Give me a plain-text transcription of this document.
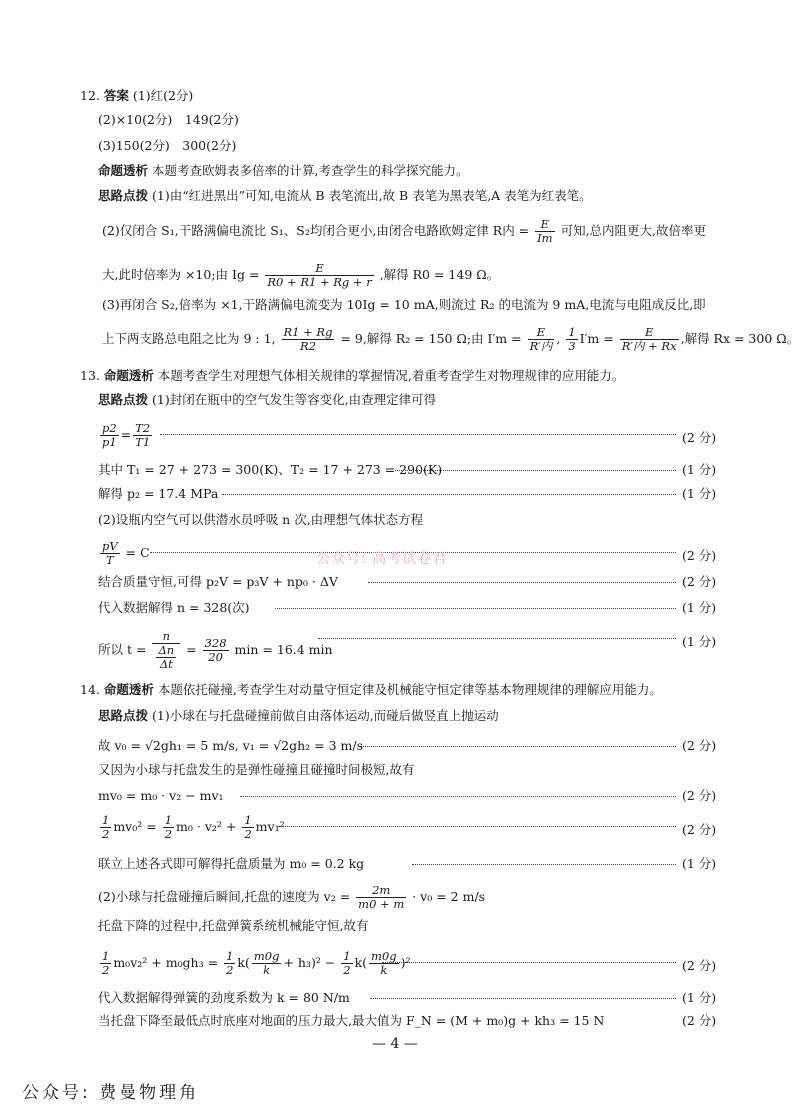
12. 答案 (1)红(2分)
(2)×10(2分)　149(2分)
(3)150(2分)　300(2分)
命题透析 本题考查欧姆表多倍率的计算,考查学生的科学探究能力。
思路点拨 (1)由“红进黑出”可知,电流从 B 表笔流出,故 B 表笔为黑表笔,A 表笔为红表笔。
(2)仅闭合 S₁,干路满偏电流比 S₁、S₂均闭合更小,由闭合电路欧姆定律 R内 = $\frac{E}{Im}$ 可知,总内阻更大,故倍率更
大,此时倍率为 ×10;由 $Ig = \frac{E}{R0 + R1 + Rg + r}$ ,解得 R0 = 149 Ω。
(3)再闭合 S₂,倍率为 ×1,干路满偏电流变为 10Ig = 10 mA,则流过 R₂ 的电流为 9 mA,电流与电阻成反比,即
上下两支路总电阻之比为 9 : 1, $\frac{R1 + Rg}{R2} = 9$,解得 R₂ = 150 Ω;由 $I'm = \frac{E}{\text{R′内}}$ , $\frac{1}{3} I'm = \frac{E}{\text{R′内 + Rx}}$ ,解得 Rx = 300 Ω。
13. 命题透析 本题考查学生对理想气体相关规律的掌握情况,着重考查学生对物理规律的应用能力。
思路点拨 (1)封闭在瓶中的空气发生等容变化,由查理定律可得
$\frac{p2}{p1} = \frac{T2}{T1}$	(2 分)
其中 T₁ = 27 + 273 = 300(K)、T₂ = 17 + 273 = 290(K)	(1 分)
解得 p₂ = 17.4 MPa	(1 分)
(2)设瓶内空气可以供潜水员呼吸 n 次,由理想气体状态方程
$\frac{pV}{T} = C$	(2 分)
公众号: 高考试卷君
结合质量守恒,可得 p₂V = p₃V + np₀ · ΔV	(2 分)
代入数据解得 n = 328(次)	(1 分)
所以 $t = \frac{n}{\frac{\Delta n}{\Delta t}} = \frac{328}{20}$ min = 16.4 min
(1 分)
14. 命题透析 本题依托碰撞,考查学生对动量守恒定律及机械能守恒定律等基本物理规律的理解应用能力。
思路点拨 (1)小球在与托盘碰撞前做自由落体运动,而碰后做竖直上抛运动
故 v₀ = √2gh₁ = 5 m/s, v₁ = √2gh₂ = 3 m/s	(2 分)
又因为小球与托盘发生的是弹性碰撞且碰撞时间极短,故有
mv₀ = m₀ · v₂ − mv₁	(2 分)
$\frac{1}{2} mv_0^2 = \frac{1}{2} m_0 \cdot v_2^2 + \frac{1}{2} mv_1^2$	(2 分)
联立上述各式即可解得托盘质量为 m₀ = 0.2 kg	(1 分)
(2)小球与托盘碰撞后瞬间,托盘的速度为 $v_2 = \frac{2m}{m0 + m} \cdot v_0 = 2$ m/s
托盘下降的过程中,托盘弹簧系统机械能守恒,故有
$\frac{1}{2} m_0v_2^2 + m_0gh_3 = \frac{1}{2} k( \frac{m0g}{k} + h_3)^2 - \frac{1}{2} k( \frac{m0g}{k} )^2$	(2 分)
代入数据解得弹簧的劲度系数为 k = 80 N/m	(1 分)
当托盘下降至最低点时底座对地面的压力最大,最大值为 F_N = (M + m₀)g + kh₃ = 15 N	(2 分)
— 4 —
公众号: 费曼物理角
